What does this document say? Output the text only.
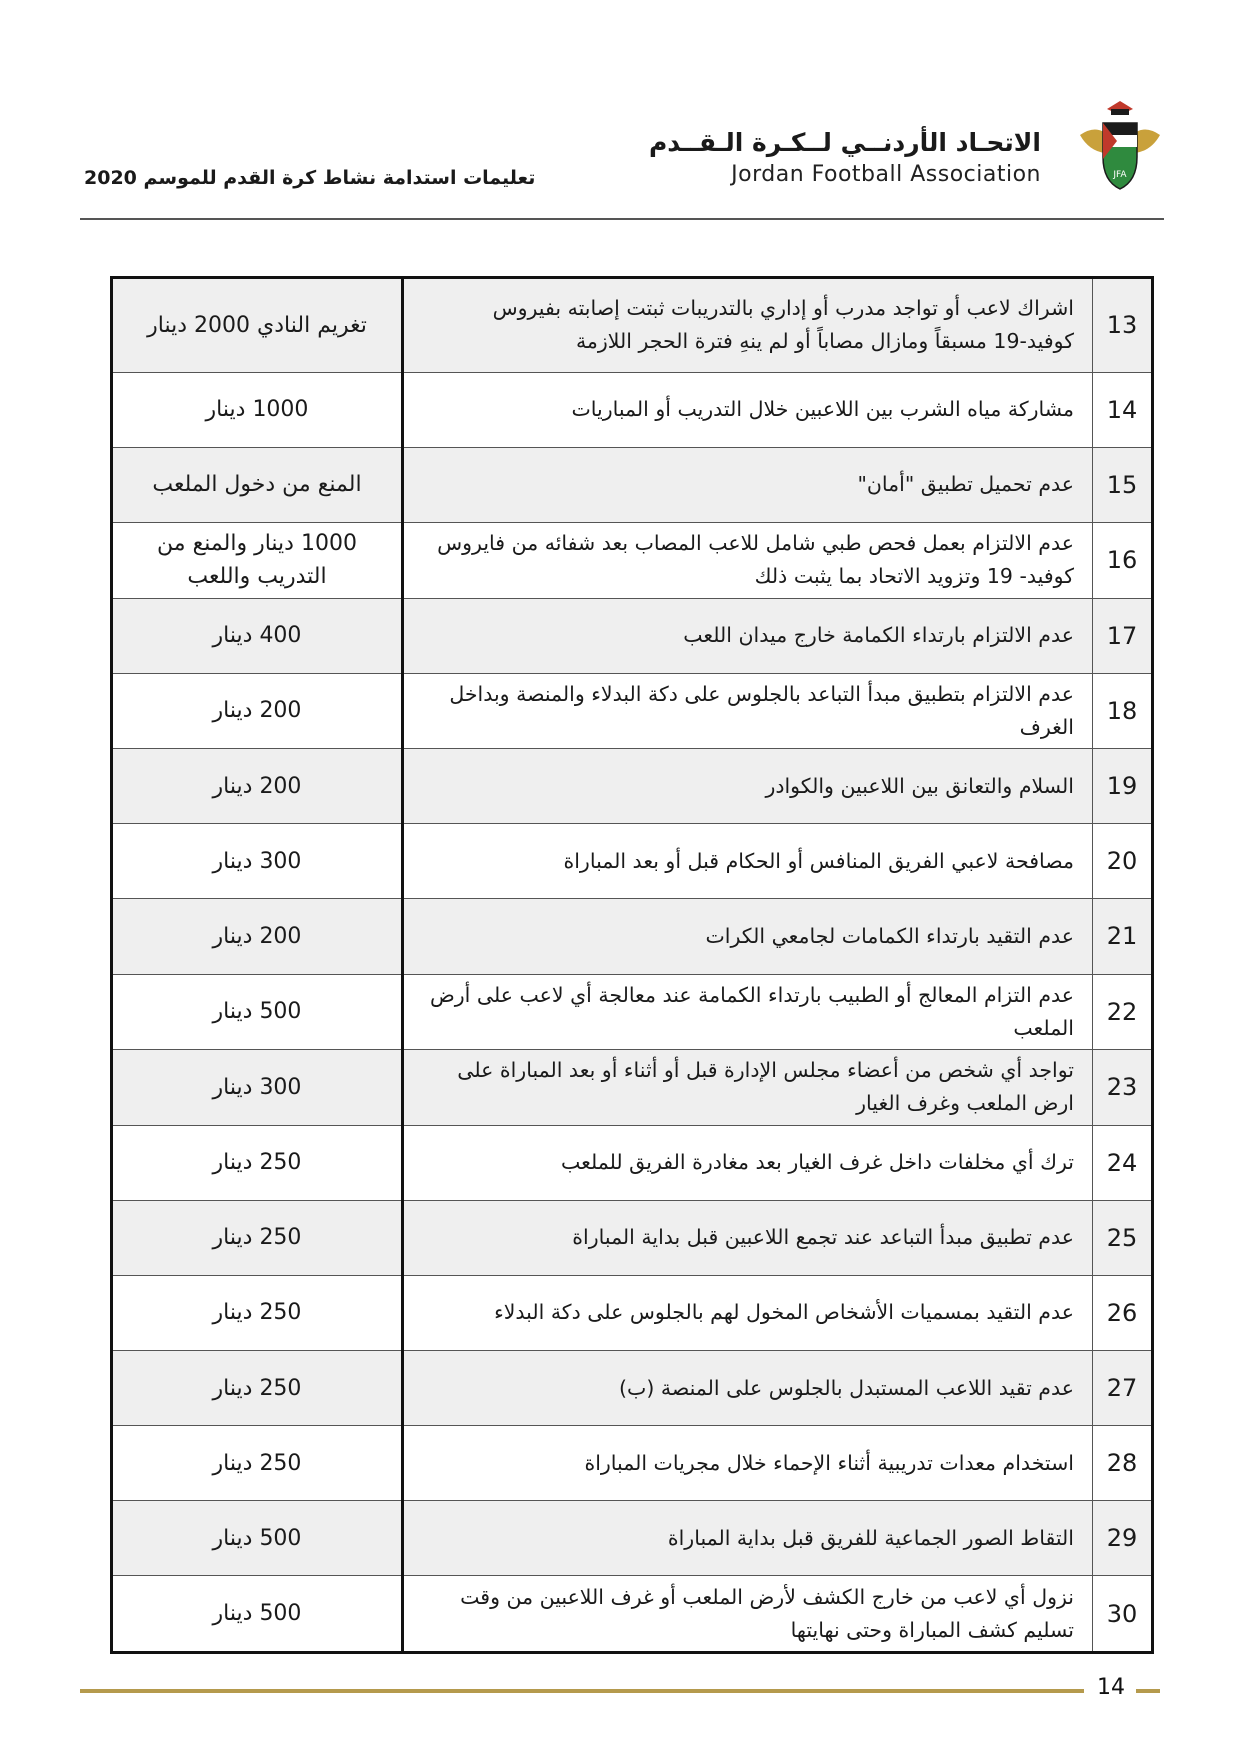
JFA
الاتحـاد الأردنــي لــكـرة الـقــدم
Jordan Football Association
تعليمات استدامة نشاط كرة القدم للموسم 2020
13	اشراك لاعب أو تواجد مدرب أو إداري بالتدريبات ثبتت إصابته بفيروس كوفيد-19 مسبقاً ومازال مصاباً أو لم ينهِ فترة الحجر اللازمة	تغريم النادي 2000 دينار
14	مشاركة مياه الشرب بين اللاعبين خلال التدريب أو المباريات	1000 دينار
15	عدم تحميل تطبيق "أمان"	المنع من دخول الملعب
16	عدم الالتزام بعمل فحص طبي شامل للاعب المصاب بعد شفائه من فايروس كوفيد- 19 وتزويد الاتحاد بما يثبت ذلك	1000 دينار والمنع من التدريب واللعب
17	عدم الالتزام بارتداء الكمامة خارج ميدان اللعب	400 دينار
18	عدم الالتزام بتطبيق مبدأ التباعد بالجلوس على دكة البدلاء والمنصة وبداخل الغرف	200 دينار
19	السلام والتعانق بين اللاعبين والكوادر	200 دينار
20	مصافحة لاعبي الفريق المنافس أو الحكام قبل أو بعد المباراة	300 دينار
21	عدم التقيد بارتداء الكمامات لجامعي الكرات	200 دينار
22	عدم التزام المعالج أو الطبيب بارتداء الكمامة عند معالجة أي لاعب على أرض الملعب	500 دينار
23	تواجد أي شخص من أعضاء مجلس الإدارة قبل أو أثناء أو بعد المباراة على ارض الملعب وغرف الغيار	300 دينار
24	ترك أي مخلفات داخل غرف الغيار بعد مغادرة الفريق للملعب	250 دينار
25	عدم تطبيق مبدأ التباعد عند تجمع اللاعبين قبل بداية المباراة	250 دينار
26	عدم التقيد بمسميات الأشخاص المخول لهم بالجلوس على دكة البدلاء	250 دينار
27	عدم تقيد اللاعب المستبدل بالجلوس على المنصة (ب)	250 دينار
28	استخدام معدات تدريبية أثناء الإحماء خلال مجريات المباراة	250 دينار
29	التقاط الصور الجماعية للفريق قبل بداية المباراة	500 دينار
30	نزول أي لاعب من خارج الكشف لأرض الملعب أو غرف اللاعبين من وقت تسليم كشف المباراة وحتى نهايتها	500 دينار
14
